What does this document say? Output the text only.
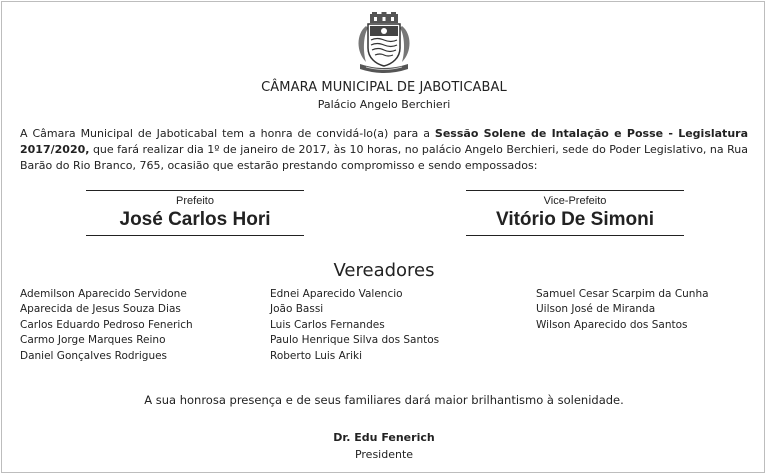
CÂMARA MUNICIPAL DE JABOTICABAL
Palácio Angelo Berchieri
A Câmara Municipal de Jaboticabal tem a honra de convidá-lo(a) para a Sessão Solene de Intalação e Posse - Legislatura 2017/2020, que fará realizar dia 1º de janeiro de 2017, às 10 horas, no palácio Angelo Berchieri, sede do Poder Legislativo, na Rua Barão do Rio Branco, 765, ocasião que estarão prestando compromisso e sendo empossados:
Prefeito
José Carlos Hori
Vice-Prefeito
Vitório De Simoni
Vereadores
Ademilson Aparecido Servidone
Aparecida de Jesus Souza Dias
Carlos Eduardo Pedroso Fenerich
Carmo Jorge Marques Reino
Daniel Gonçalves Rodrigues
Ednei Aparecido Valencio
João Bassi
Luis Carlos Fernandes
Paulo Henrique Silva dos Santos
Roberto Luis Ariki
Samuel Cesar Scarpim da Cunha
Uilson José de Miranda
Wilson Aparecido dos Santos
A sua honrosa presença e de seus familiares dará maior brilhantismo à solenidade.
Dr. Edu Fenerich
Presidente
